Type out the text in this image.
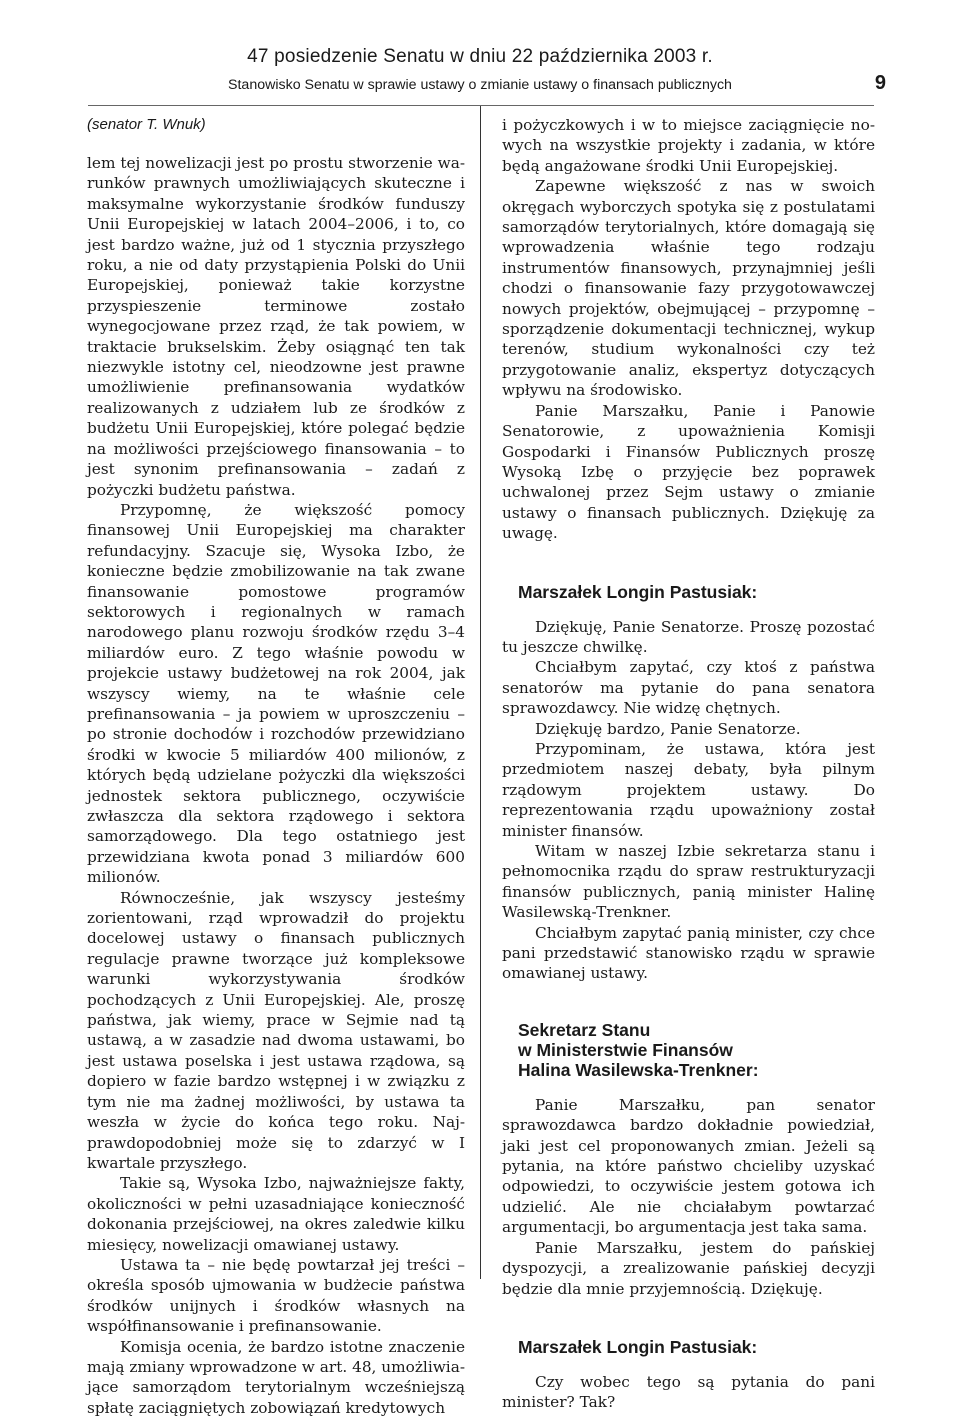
47 posiedzenie Senatu w dniu 22 października 2003 r.
Stanowisko Senatu w sprawie ustawy o zmianie ustawy o finansach publicznych	9
(senator T. Wnuk)

lem tej nowelizacji jest po prostu stworzenie warunków prawnych umożliwiających skuteczne i maksymalne wykorzystanie środków funduszy Unii Europejskiej w latach 2004–2006, i to, co jest bardzo ważne, już od 1 stycznia przyszłego roku, a nie od daty przystąpienia Polski do Unii Europejskiej, ponieważ takie korzystne przyspieszenie terminowe zostało wynegocjowane przez rząd, że tak powiem, w traktacie brukselskim. Żeby osiągnąć ten tak niezwykle istotny cel, nieodzowne jest prawne umożliwienie prefinansowania wydatków realizowanych z udziałem lub ze środków z budżetu Unii Europejskiej, które polegać będzie na możliwości przejściowego finansowania – to jest synonim prefinansowania – zadań z pożyczki budżetu państwa.

Przypomnę, że większość pomocy finansowej Unii Europejskiej ma charakter refundacyjny. Szacuje się, Wysoka Izbo, że konieczne będzie zmobilizowanie na tak zwane finansowanie pomostowe programów sektorowych i regionalnych w ramach narodowego planu rozwoju środków rzędu 3–4 miliardów euro. Z tego właśnie powodu w projekcie ustawy budżetowej na rok 2004, jak wszyscy wiemy, na te właśnie cele prefinansowania – ja powiem w uproszczeniu – po stronie dochodów i rozchodów przewidziano środki w kwocie 5 miliardów 400 milionów, z których będą udzielane pożyczki dla większości jednostek sektora publicznego, oczywiście zwłaszcza dla sektora rządowego i sektora samorządowego. Dla tego ostatniego jest przewidziana kwota ponad 3 miliardów 600 milionów.

Równocześnie, jak wszyscy jesteśmy zorientowani, rząd wprowadził do projektu docelowej ustawy o finansach publicznych regulacje prawne tworzące już kompleksowe warunki wykorzystywania środków pochodzących z Unii Europejskiej. Ale, proszę państwa, jak wiemy, prace w Sejmie nad tą ustawą, a w zasadzie nad dwoma ustawami, bo jest ustawa poselska i jest ustawa rządowa, są dopiero w fazie bardzo wstępnej i w związku z tym nie ma żadnej możliwości, by ustawa ta weszła w życie do końca tego roku. Najprawdopodobniej może się to zdarzyć w I kwartale przyszłego.

Takie są, Wysoka Izbo, najważniejsze fakty, okoliczności w pełni uzasadniające konieczność dokonania przejściowej, na okres zaledwie kilku miesięcy, nowelizacji omawianej ustawy.

Ustawa ta – nie będę powtarzał jej treści – określa sposób ujmowania w budżecie państwa środków unijnych i środków własnych na współfinansowanie i prefinansowanie.

Komisja ocenia, że bardzo istotne znaczenie mają zmiany wprowadzone w art. 48, umożliwiające samorządom terytorialnym wcześniejszą spłatę zaciągniętych zobowiązań kredytowych

i pożyczkowych i w to miejsce zaciągnięcie nowych na wszystkie projekty i zadania, w które będą angażowane środki Unii Europejskiej.

Zapewne większość z nas w swoich okręgach wyborczych spotyka się z postulatami samorządów terytorialnych, które domagają się wprowadzenia właśnie tego rodzaju instrumentów finansowych, przynajmniej jeśli chodzi o finansowanie fazy przygotowawczej nowych projektów, obejmującej – przypomnę – sporządzenie dokumentacji technicznej, wykup terenów, studium wykonalności czy też przygotowanie analiz, ekspertyz dotyczących wpływu na środowisko.

Panie Marszałku, Panie i Panowie Senatorowie, z upoważnienia Komisji Gospodarki i Finansów Publicznych proszę Wysoką Izbę o przyjęcie bez poprawek uchwalonej przez Sejm ustawy o zmianie ustawy o finansach publicznych. Dziękuję za uwagę.

Marszałek Longin Pastusiak:

Dziękuję, Panie Senatorze. Proszę pozostać tu jeszcze chwilkę.

Chciałbym zapytać, czy ktoś z państwa senatorów ma pytanie do pana senatora sprawozdawcy. Nie widzę chętnych.

Dziękuję bardzo, Panie Senatorze.

Przypominam, że ustawa, która jest przedmiotem naszej debaty, była pilnym rządowym projektem ustawy. Do reprezentowania rządu upoważniony został minister finansów.

Witam w naszej Izbie sekretarza stanu i pełnomocnika rządu do spraw restrukturyzacji finansów publicznych, panią minister Halinę Wasilewską-Trenkner.

Chciałbym zapytać panią minister, czy chce pani przedstawić stanowisko rządu w sprawie omawianej ustawy.

Sekretarz Stanu
w Ministerstwie Finansów
Halina Wasilewska-Trenkner:

Panie Marszałku, pan senator sprawozdawca bardzo dokładnie powiedział, jaki jest cel proponowanych zmian. Jeżeli są pytania, na które państwo chcieliby uzyskać odpowiedzi, to oczywiście jestem gotowa ich udzielić. Ale nie chciałabym powtarzać argumentacji, bo argumentacja jest taka sama.

Panie Marszałku, jestem do pańskiej dyspozycji, a zrealizowanie pańskiej decyzji będzie dla mnie przyjemnością. Dziękuję.

Marszałek Longin Pastusiak:

Czy wobec tego są pytania do pani minister? Tak?
